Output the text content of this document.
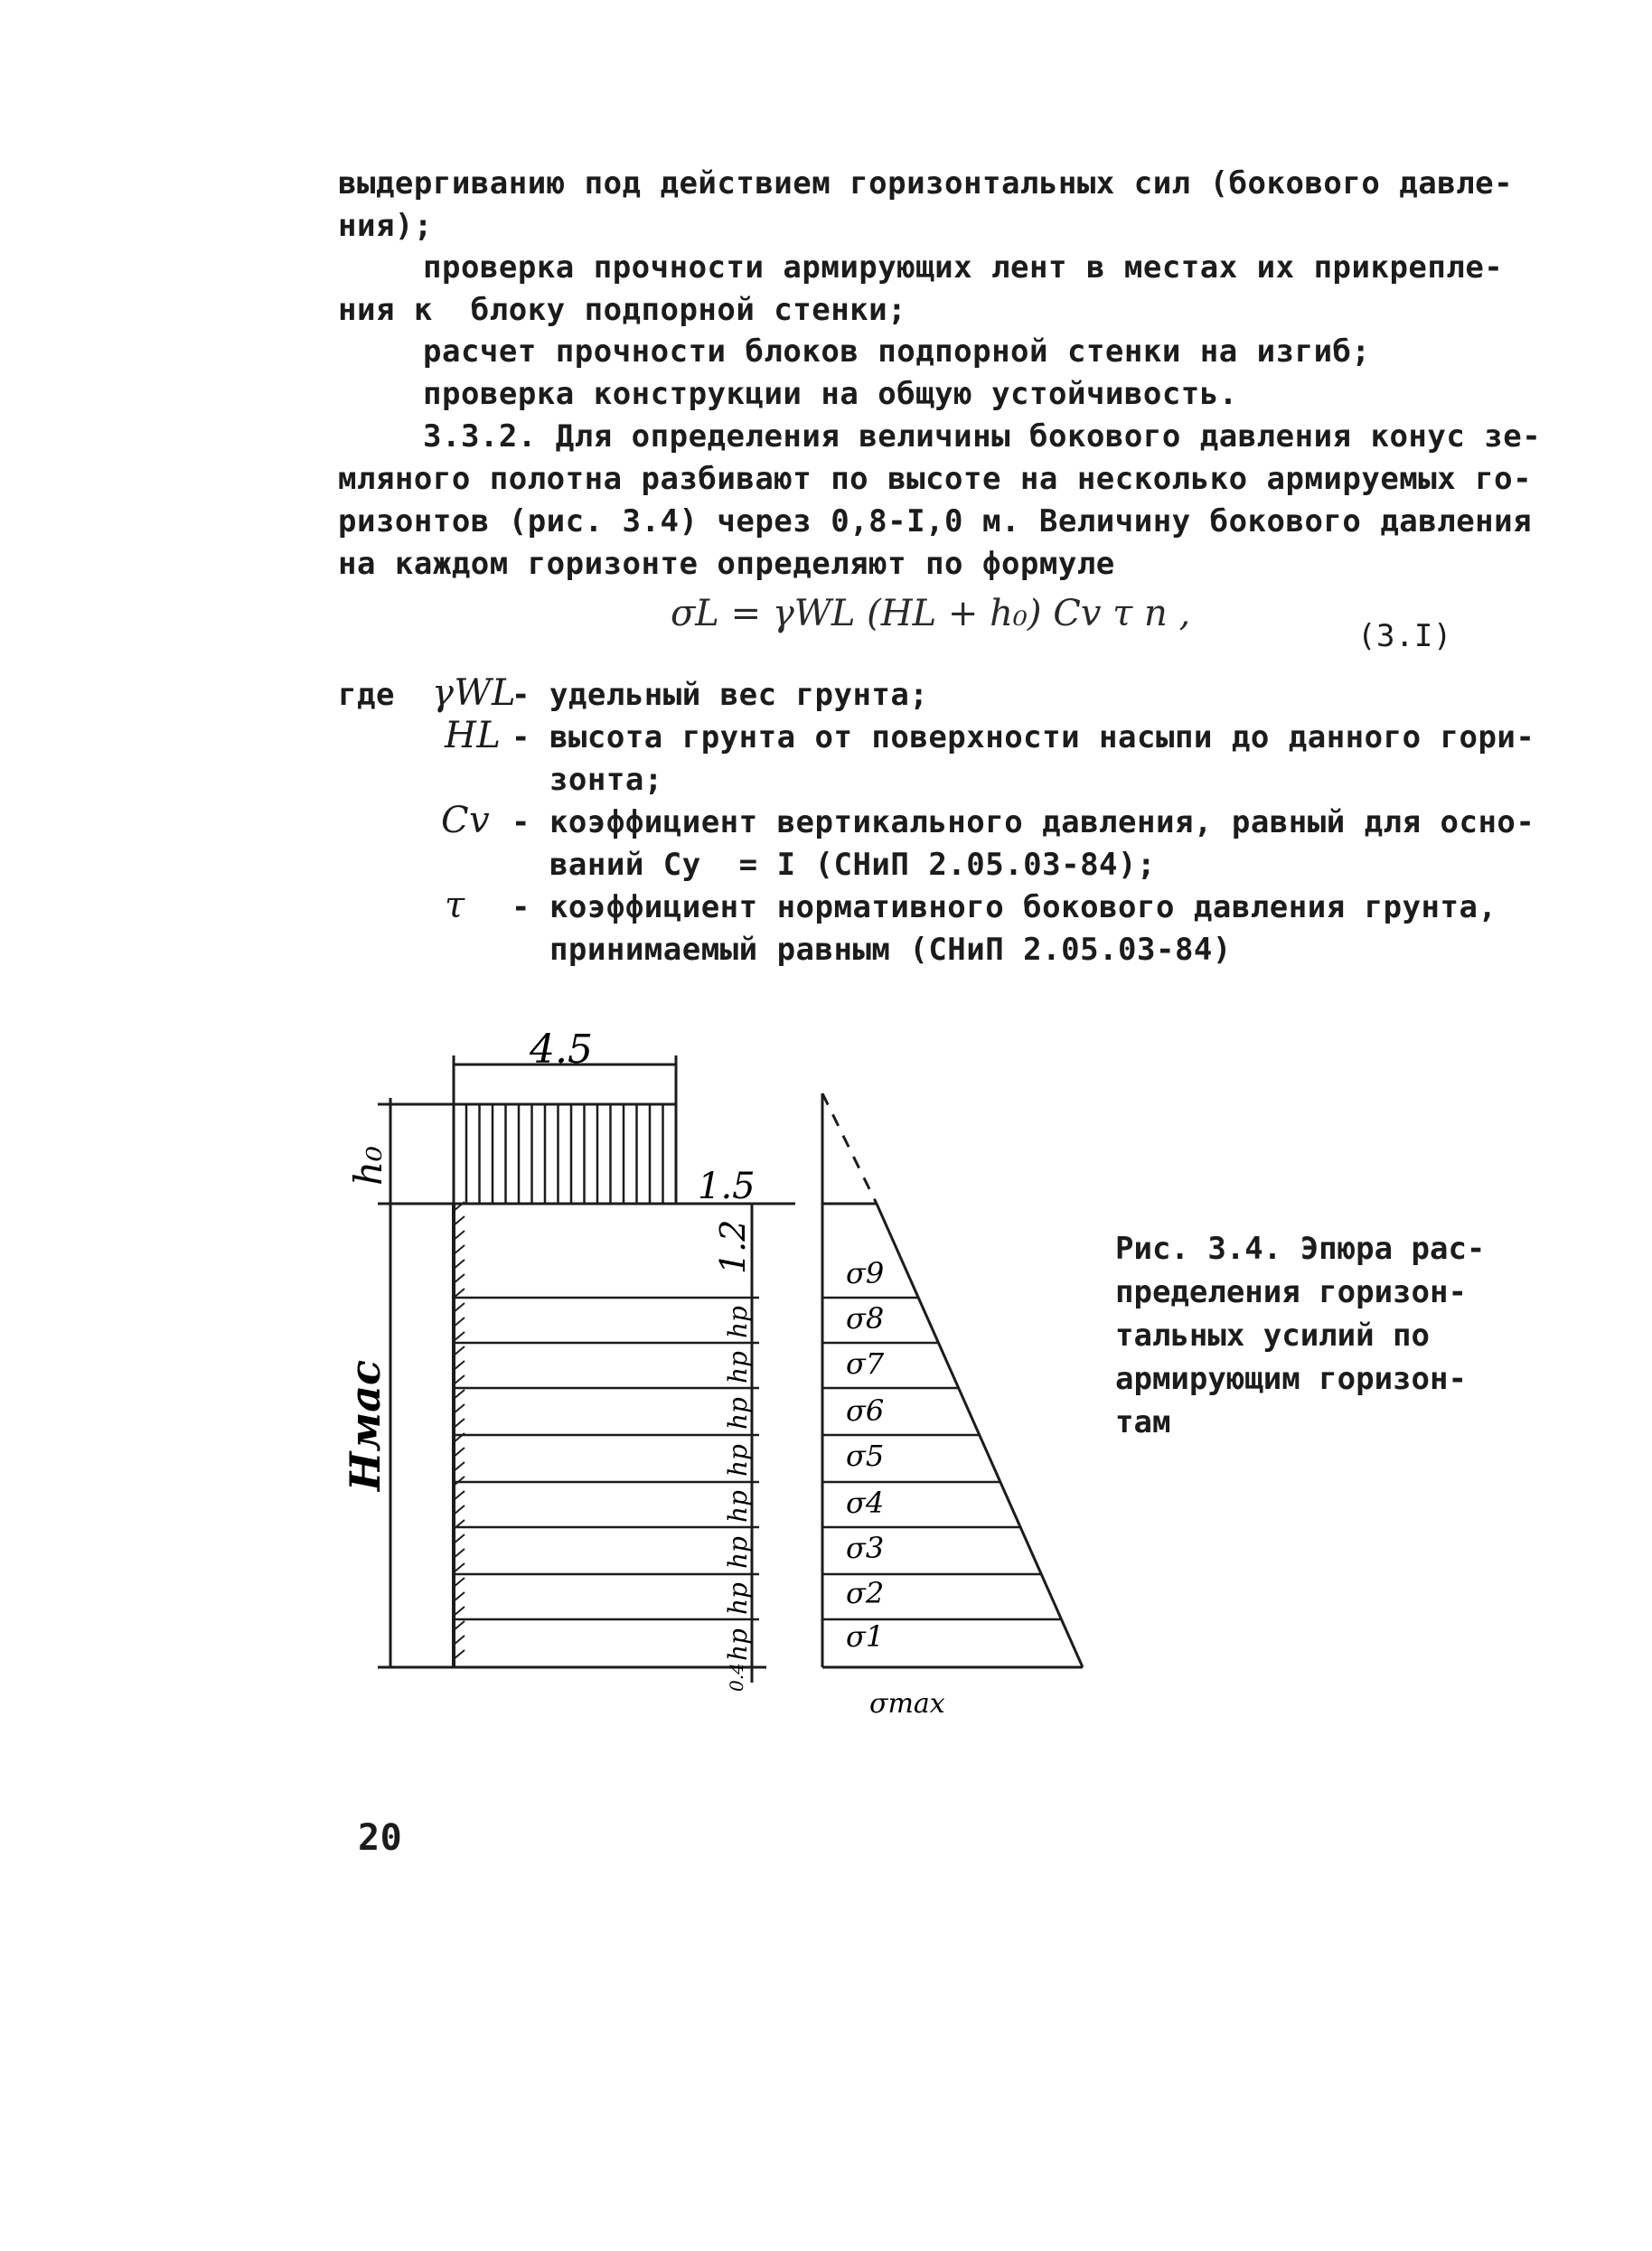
выдергиванию под действием горизонтальных сил (бокового давле-
ния);
проверка прочности армирующих лент в местах их прикрепле-
ния к  блоку подпорной стенки;
расчет прочности блоков подпорной стенки на изгиб;
проверка конструкции на общую устойчивость.
3.3.2. Для определения величины бокового давления конус зе-
мляного полотна разбивают по высоте на несколько армируемых го-
ризонтов (рис. 3.4) через 0,8-I,0 м. Величину бокового давления
на каждом горизонте определяют по формуле
σL = γWL (HL + h₀) Cv τ n ,
(3.I)
где γWL
- удельный вес грунта;
HL - высота грунта от поверхности насыпи до данного гори-
зонта;
Cv - коэффициент вертикального давления, равный для осно-
ваний Cy  = I (СНиП 2.05.03-84);
τ - коэффициент нормативного бокового давления грунта,
принимаемый равным (СНиП 2.05.03-84)
4.5
1.5
1.2
h₀
Hмас
0.4
hр
hр
hр
hр
hр
hр
hр
hр
σ9
σ8
σ7
σ6
σ5
σ4
σ3
σ2
σ1
σmax
Рис. 3.4. Эпюра рас-
пределения горизон-
тальных усилий по
армирующим горизон-
там
20
